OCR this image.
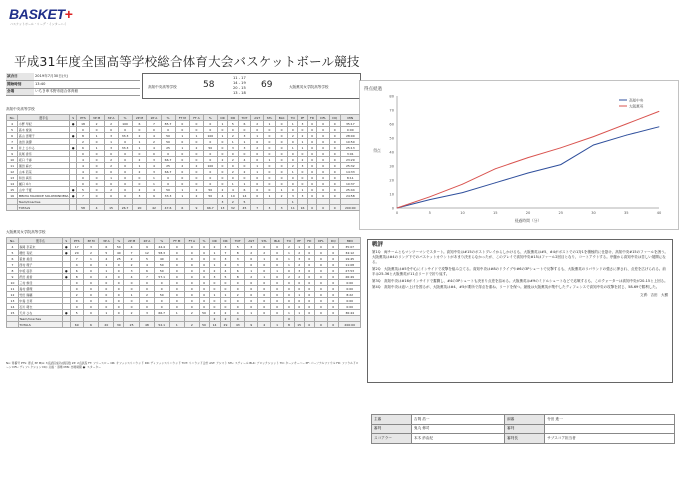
BASKET+
バスケットボール・リーグ・インターハイ
平成31年度全国高等学校総合体育大会バスケットボール競技
試合日	2019年7月30日(火)
開始時刻	13:40
会場	いちき串木野市総合体育館
高知中央高等学校	58
11 - 17
14 - 19
20 - 15
13 - 18
69	大阪薫英女学院高等学校
高知中央高等学校
No.	選手名	S	PTS	3P M	3P A	%	2P M	2P A	%	FT M	FT A	%	OR	DR	TOT	AST	STL	BLK	TO	PF	FD	DFL	DQ	MIN
4	小野 早紀	●	18	2	2	100	6	7	85.7	0	0	0	1	5	6	2	1	0	1	3	0	0	0	35:17
5	高木 愛美		0	0	0	0	0	0	0	0	0	0	0	0	0	0	0	0	0	0	0	0	0	0:00
6	高山 恵理子	●	8	1	3	33.3	2	4	50	1	1	100	1	2	3	1	0	0	2	2	0	0	0	28:00
7	池田 美優		2	0	1	0	1	2	50	0	0	0	0	1	1	0	0	0	0	1	0	0	0	10:50
8	井上 ひかる	●	6	1	3	33.3	1	4	25	1	2	50	0	3	3	2	0	0	1	1	0	0	0	25:13
9	長尾 香奈		0	0	0	0	0	0	0	0	0	0	0	0	0	0	0	0	0	0	0	0	0	3:01
10	坂口 千尋		4	0	2	0	2	3	66.7	0	0	0	2	2	4	0	1	0	0	2	0	0	0	23:29
11	濱田 麻衣		4	0	2	0	1	4	25	2	2	100	0	0	0	1	0	0	2	3	0	0	0	25:32
12	山本 若菜		4	0	0	0	2	3	66.7	0	0	0	0	2	2	1	0	0	1	0	0	0	0	14:33
13	和田 真奈		0	0	1	0	0	1	0	0	0	0	0	0	0	0	0	0	0	0	0	0	0	8:11
14	樋口 ゆり		0	0	0	0	0	1	0	0	0	0	0	1	1	0	0	0	0	0	0	0	0	10:37
15	山中 千夏	●	5	0	2	0	2	4	50	1	2	50	2	4	6	0	0	1	0	1	0	0	0	25:44
16	MBOYA MAURICE SOLOMONDERA	●	7	0	0	0	3	9	33.3	1	2	50	4	10	14	0	1	2	3	3	0	0	0	24:58
	Team/Coaches												3	2	5				1					
	TOTALS		58	4	15	26.7	20	42	47.6	6	9	66.7	13	32	45	7	3	3	11	16	0	0	0	200:00
大阪薫英女学院高等学校
No.	選手名	S	PTS	3P M	3P A	%	2P M	2P A	%	FT M	FT A	%	OR	DR	TOT	AST	STL	BLK	TO	PF	FD	DFL	DQ	MIN
4	森岡 奈菜未	●	17	3	6	50	4	9	44.4	0	0	0	2	3	5	3	0	0	2	1	0	0	0	35:07
5	増田 有紀	●	20	2	5	40	7	12	58.3	0	0	0	1	7	8	2	2	0	1	2	0	0	0	34:12
6	笹倉 美佳		7	1	4	25	2	5	40	0	0	0	0	3	3	0	1	0	1	3	0	0	0	19:45
7	西村 理子		4	0	1	0	2	4	50	0	0	0	1	2	3	0	0	0	1	2	0	0	0	11:08
8	中坂 羽奈	●	6	0	1	0	3	6	50	0	0	0	2	4	6	1	0	1	0	3	0	0	0	27:53
9	沢田 美香	●	8	0	2	0	4	7	57.1	0	0	0	3	5	8	2	1	0	2	2	0	0	0	26:49
10	三村 侑佳		0	0	0	0	0	0	0	0	0	0	0	0	0	0	0	0	0	0	0	0	0	0:00
11	島村 優理		0	0	0	0	0	0	0	0	0	0	0	0	0	0	0	0	0	0	0	0	0	0:00
12	竹田 瑞穂		2	0	0	0	1	2	50	0	0	0	1	1	2	0	0	0	0	1	0	0	0	8:22
13	中島 日葵		0	0	0	0	0	0	0	0	0	0	0	0	0	0	0	0	0	0	0	0	0	0:00
14	石川 萌衣		0	0	0	0	0	0	0	0	0	0	0	0	0	0	0	0	0	0	0	0	0	0:00
15	天井 ひな	●	5	0	1	0	2	3	66.7	1	2	50	2	2	4	1	0	0	1	1	0	0	0	36:44
	Team/Coaches												2	2	4				0					
	TOTALS		69	6	20	30	25	48	52.1	1	2	50	14	29	43	9	4	1	8	15	0	0	0	200:00
No: 背番号 PTS: 得点 3P M/A: 3点試投成功/試投数 2P: 2点試投 FT: フリースロー OR: オフェンスリバウンド DR: ディフェンスリバウンド TOT: リバウンド合計 AST: アシスト STL: スティール BLK: ブロックショット TO: ターンオーバー PF: パーソナルファウル FD: ファウルドローン DFL: ディフレクション DQ: 失格・退場 MIN: 出場時間 ●: スターター
得点経過
0
10
20
30
40
50
60
70
80
0	5	10	15	20	25	30	35	40
経過時間（分）
得点
高知中央
大阪薫英
戦評

第1Q　両チームともマンツーマンでスタート。高知中央は#15のポストプレイからしかけるも、大阪薫英は#5、#4がポストでの1対1を積極的に仕掛け、高知中央#15のファールを誘う。大阪薫英は#4のリング下でのバスケットカウントがあまり決まらなかったが、このプレイで高知中央#15はファール2回目となり、コートアウトする。序盤から高知中央は苦しい展開になる。

第2Q　大阪薫英は#5を中心にインサイドで攻撃を組み立てる。高知中央は#8のドライブや#6の3Pシュートで反撃するも、大阪薫英のリバウンドの強さに押され、点差を広げられる。前半は25-36と大阪薫英が11点リードで折り返す。

第3Q　高知中央は#16がインサイドで奮闘し、#4の3Pシュートも決まり点差を詰める。大阪薫英は#9のミドルシュートなどで応戦するも、このクォーターは高知中央が20-15と上回る。

第4Q　高知中央は追い上げを図るが、大阪薫英は#4、#5が要所で得点を重ね、リードを保つ。最後は大阪薫英が集中したディフェンスで高知中央の攻撃を封じ、58-69で勝利した。

文責：吉田　大樹
主審	吉岡 浩一	副審	寺田 進一
審判	鬼丸 修司	審判	
スコアラー	本木 紗由紀	審判長	サブスコア担当者
